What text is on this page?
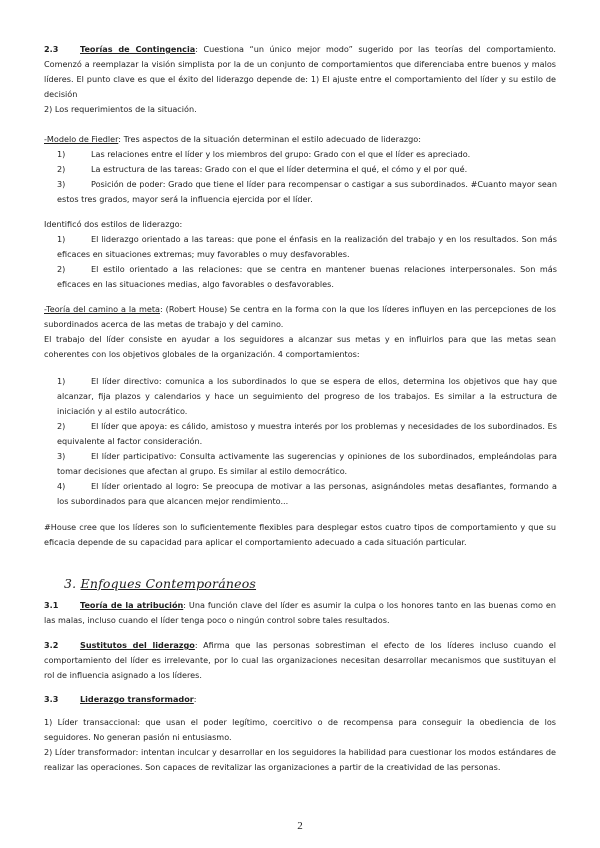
2.3	Teorías de Contingencia: Cuestiona “un único mejor modo” sugerido por las teorías del comportamiento. Comenzó a reemplazar la visión simplista por la de un conjunto de comportamientos que diferenciaba entre buenos y malos líderes. El punto clave es que el éxito del liderazgo depende de: 1) El ajuste entre el comportamiento del líder y su estilo de decisión

2) Los requerimientos de la situación.

-Modelo de Fiedler: Tres aspectos de la situación determinan el estilo adecuado de liderazgo:

1)	Las relaciones entre el líder y los miembros del grupo: Grado con el que el líder es apreciado.

2)	La estructura de las tareas: Grado con el que el líder determina el qué, el cómo y el por qué.

3)	Posición de poder: Grado que tiene el líder para recompensar o castigar a sus subordinados. #Cuanto mayor sean estos tres grados, mayor será la influencia ejercida por el líder.

Identificó dos estilos de liderazgo:

1)	El liderazgo orientado a las tareas: que pone el énfasis en la realización del trabajo y en los resultados. Son más eficaces en situaciones extremas; muy favorables o muy desfavorables.

2)	El estilo orientado a las relaciones: que se centra en mantener buenas relaciones interpersonales. Son más eficaces en las situaciones medias, algo favorables o desfavorables.

-Teoría del camino a la meta: (Robert House) Se centra en la forma con la que los líderes influyen en las percepciones de los subordinados acerca de las metas de trabajo y del camino.

El trabajo del líder consiste en ayudar a los seguidores a alcanzar sus metas y en influirlos para que las metas sean coherentes con los objetivos globales de la organización. 4 comportamientos:

1)	El líder directivo: comunica a los subordinados lo que se espera de ellos, determina los objetivos que hay que alcanzar, fija plazos y calendarios y hace un seguimiento del progreso de los trabajos. Es similar a la estructura de iniciación y al estilo autocrático.

2)	El líder que apoya: es cálido, amistoso y muestra interés por los problemas y necesidades de los subordinados. Es equivalente al factor consideración.

3)	El líder participativo: Consulta activamente las sugerencias y opiniones de los subordinados, empleándolas para tomar decisiones que afectan al grupo. Es similar al estilo democrático.

4)	El líder orientado al logro: Se preocupa de motivar a las personas, asignándoles metas desafiantes, formando a los subordinados para que alcancen mejor rendimiento...

#House cree que los líderes son lo suficientemente flexibles para desplegar estos cuatro tipos de comportamiento y que su eficacia depende de su capacidad para aplicar el comportamiento adecuado a cada situación particular.

3. Enfoques Contemporáneos

3.1	Teoría de la atribución: Una función clave del líder es asumir la culpa o los honores tanto en las buenas como en las malas, incluso cuando el líder tenga poco o ningún control sobre tales resultados.

3.2	Sustitutos del liderazgo: Afirma que las personas sobrestiman el efecto de los líderes incluso cuando el comportamiento del líder es irrelevante, por lo cual las organizaciones necesitan desarrollar mecanismos que sustituyan el rol de influencia asignado a los líderes.

3.3	Liderazgo transformador:

1) Líder transaccional: que usan el poder legítimo, coercitivo o de recompensa para conseguir la obediencia de los seguidores. No generan pasión ni entusiasmo.

2) Líder transformador: intentan inculcar y desarrollar en los seguidores la habilidad para cuestionar los modos estándares de realizar las operaciones. Son capaces de revitalizar las organizaciones a partir de la creatividad de las personas.

2
